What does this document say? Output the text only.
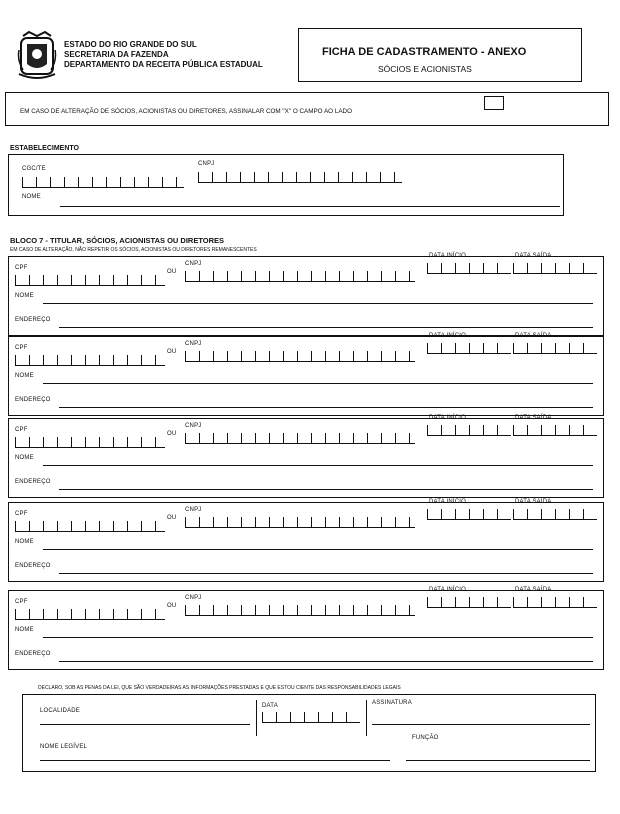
ESTADO DO RIO GRANDE DO SUL
SECRETARIA DA FAZENDA
DEPARTAMENTO DA RECEITA PÚBLICA ESTADUAL
FICHA DE CADASTRAMENTO - ANEXO
SÓCIOS E ACIONISTAS
EM CASO DE ALTERAÇÃO DE SÓCIOS, ACIONISTAS OU DIRETORES, ASSINALAR COM "X" O CAMPO AO LADO
ESTABELECIMENTO
CGC/TE
CNPJ
NOME
BLOCO 7 - TITULAR, SÓCIOS, ACIONISTAS OU DIRETORES
EM CASO DE ALTERAÇÃO, NÃO REPETIR OS SÓCIOS, ACIONISTAS OU DIRETORES REMANESCENTES
CPF
OU
CNPJ
DATA INÍCIO	DATA SAÍDA
NOME
ENDEREÇO
CPF
OU
CNPJ
DATA INÍCIO	DATA SAÍDA
NOME
ENDEREÇO
CPF
OU
CNPJ
DATA INÍCIO	DATA SAÍDA
NOME
ENDEREÇO
CPF
OU
CNPJ
DATA INÍCIO	DATA SAÍDA
NOME
ENDEREÇO
CPF
OU
CNPJ
DATA INÍCIO	DATA SAÍDA
NOME
ENDEREÇO
DECLARO, SOB AS PENAS DA LEI, QUE SÃO VERDADEIRAS AS INFORMAÇÕES PRESTADAS E QUE ESTOU CIENTE DAS RESPONSABILIDADES LEGAIS
LOCALIDADE
DATA	ASSINATURA
NOME LEGÍVEL
FUNÇÃO
